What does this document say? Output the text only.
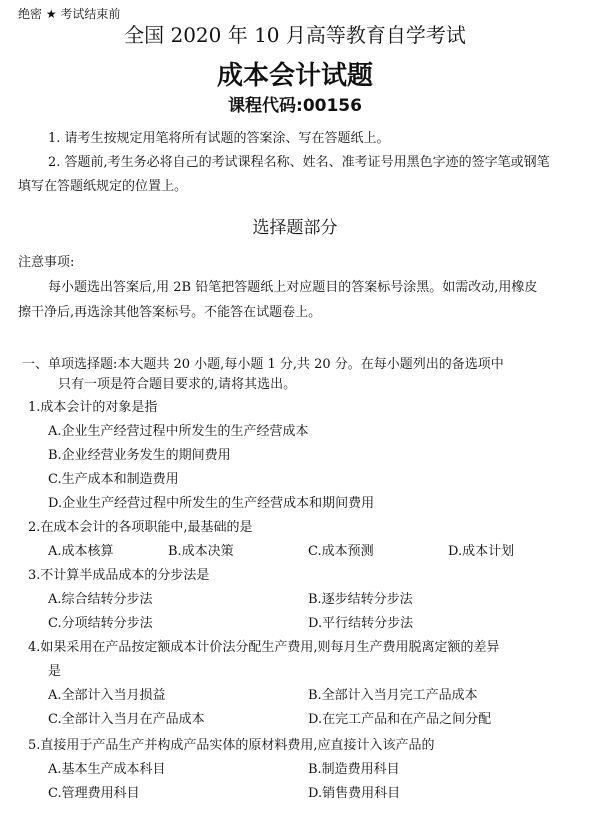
绝密 ★ 考试结束前
全国 2020 年 10 月高等教育自学考试
成本会计试题
课程代码:00156
1. 请考生按规定用笔将所有试题的答案涂、写在答题纸上。
2. 答题前,考生务必将自己的考试课程名称、姓名、准考证号用黑色字迹的签字笔或钢笔
填写在答题纸规定的位置上。
选择题部分
注意事项:
每小题选出答案后,用 2B 铅笔把答题纸上对应题目的答案标号涂黑。如需改动,用橡皮
擦干净后,再选涂其他答案标号。不能答在试题卷上。
一、单项选择题:本大题共 20 小题,每小题 1 分,共 20 分。在每小题列出的备选项中
只有一项是符合题目要求的,请将其选出。
1.成本会计的对象是指
A.企业生产经营过程中所发生的生产经营成本
B.企业经营业务发生的期间费用
C.生产成本和制造费用
D.企业生产经营过程中所发生的生产经营成本和期间费用
2.在成本会计的各项职能中,最基础的是
A.成本核算	B.成本决策	C.成本预测	D.成本计划
3.不计算半成品成本的分步法是
A.综合结转分步法	B.逐步结转分步法
C.分项结转分步法	D.平行结转分步法
4.如果采用在产品按定额成本计价法分配生产费用,则每月生产费用脱离定额的差异
是
A.全部计入当月损益	B.全部计入当月完工产品成本
C.全部计入当月在产品成本	D.在完工产品和在产品之间分配
5.直接用于产品生产并构成产品实体的原材料费用,应直接计入该产品的
A.基本生产成本科目	B.制造费用科目
C.管理费用科目	D.销售费用科目
